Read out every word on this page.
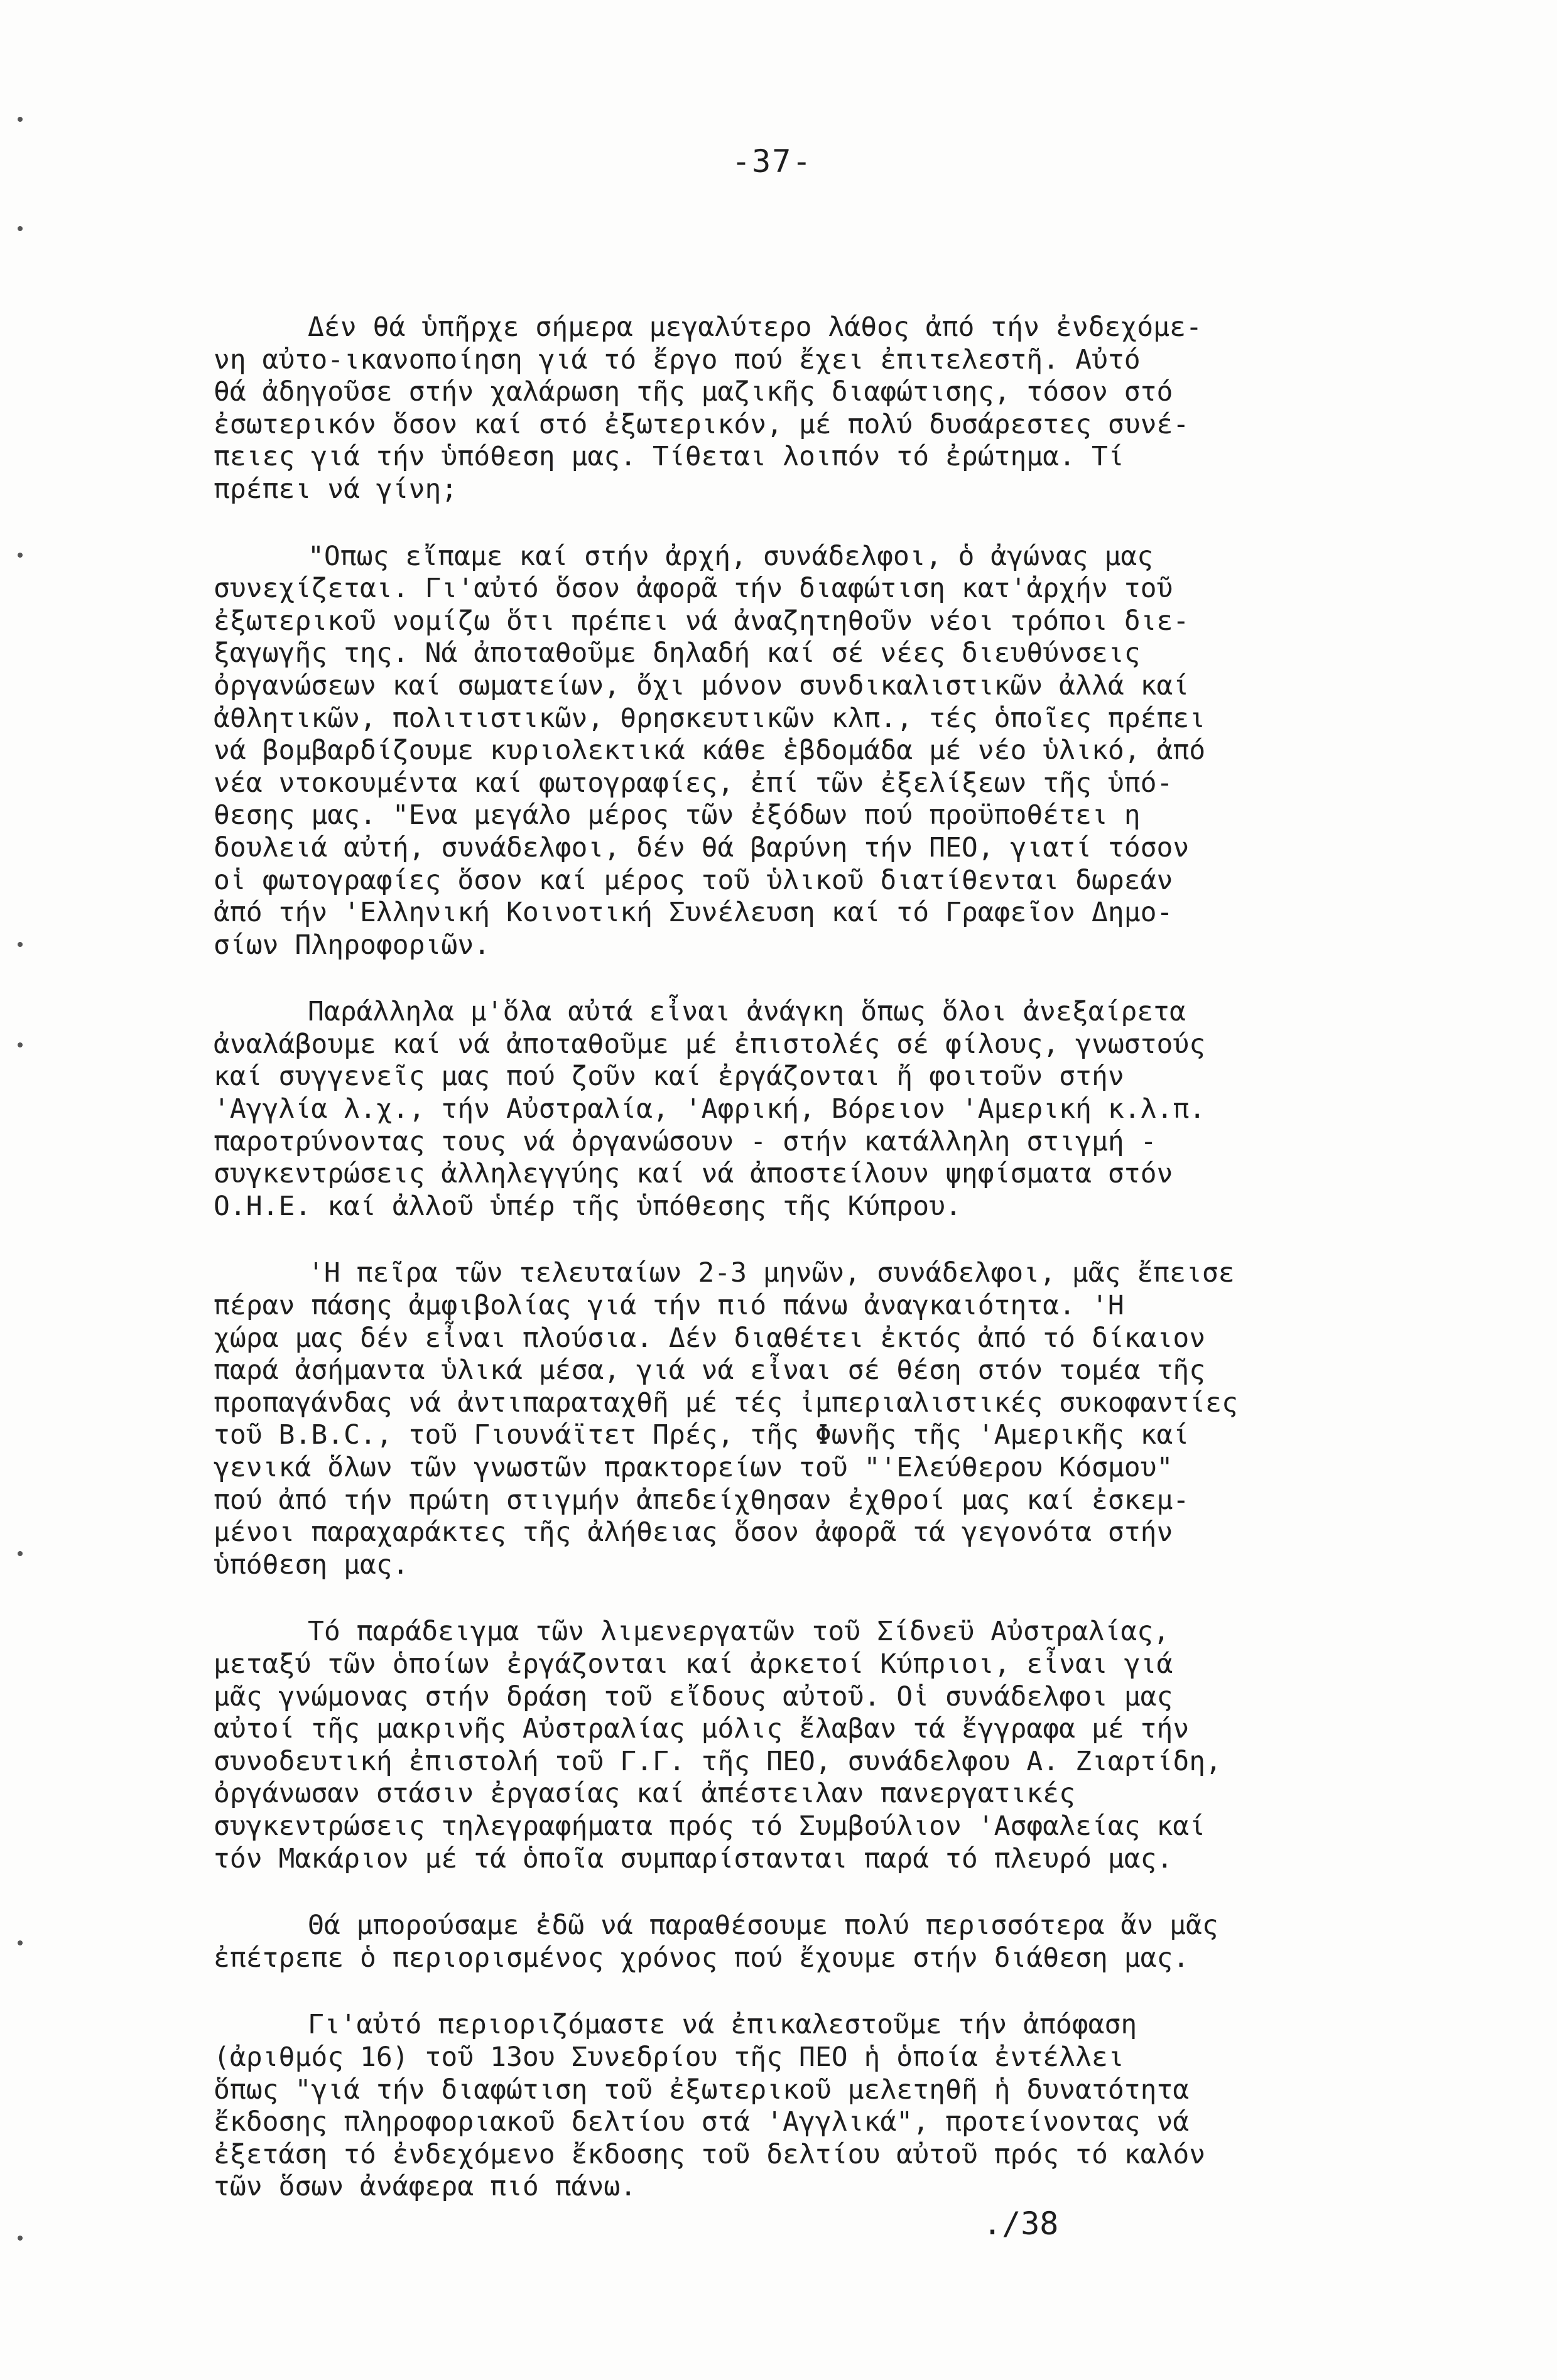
-37-

Δέν θά ὑπῆρχε σήμερα μεγαλύτερο λάθος ἀπό τήν ἐνδεχόμε-
νη αὐτο-ικανοποίηση γιά τό ἔργο πού ἔχει ἐπιτελεστῆ. Αὐτό
θά ἀδηγοῦσε στήν χαλάρωση τῆς μαζικῆς διαφώτισης, τόσον στό
ἐσωτερικόν ὅσον καί στό ἐξωτερικόν, μέ πολύ δυσάρεστες συνέ-
πειες γιά τήν ὑπόθεση μας. Τίθεται λοιπόν τό ἐρώτημα. Τί
πρέπει νά γίνη;

"Οπως εἴπαμε καί στήν ἀρχή, συνάδελφοι, ὁ ἀγώνας μας
συνεχίζεται. Γι'αὐτό ὅσον ἀφορᾶ τήν διαφώτιση κατ'ἀρχήν τοῦ
ἐξωτερικοῦ νομίζω ὅτι πρέπει νά ἀναζητηθοῦν νέοι τρόποι διε-
ξαγωγῆς της. Νά ἀποταθοῦμε δηλαδή καί σέ νέες διευθύνσεις
ὀργανώσεων καί σωματείων, ὄχι μόνον συνδικαλιστικῶν ἀλλά καί
ἀθλητικῶν, πολιτιστικῶν, θρησκευτικῶν κλπ., τές ὁποῖες πρέπει
νά βομβαρδίζουμε κυριολεκτικά κάθε ἑβδομάδα μέ νέο ὑλικό, ἀπό
νέα ντοκουμέντα καί φωτογραφίες, ἐπί τῶν ἐξελίξεων τῆς ὑπό-
θεσης μας. "Ενα μεγάλο μέρος τῶν ἐξόδων πού προϋποθέτει η
δουλειά αὐτή, συνάδελφοι, δέν θά βαρύνη τήν ΠΕΟ, γιατί τόσον
οἱ φωτογραφίες ὅσον καί μέρος τοῦ ὑλικοῦ διατίθενται δωρεάν
ἀπό τήν 'Ελληνική Κοινοτική Συνέλευση καί τό Γραφεῖον Δημο-
σίων Πληροφοριῶν.

Παράλληλα μ'ὅλα αὐτά εἶναι ἀνάγκη ὅπως ὅλοι ἀνεξαίρετα
ἀναλάβουμε καί νά ἀποταθοῦμε μέ ἐπιστολές σέ φίλους, γνωστούς
καί συγγενεῖς μας πού ζοῦν καί ἐργάζονται ἤ φοιτοῦν στήν
'Αγγλία λ.χ., τήν Αὐστραλία, 'Αφρική, Βόρειον 'Αμερική κ.λ.π.
παροτρύνοντας τους νά ὀργανώσουν - στήν κατάλληλη στιγμή -
συγκεντρώσεις ἀλληλεγγύης καί νά ἀποστείλουν ψηφίσματα στόν
Ο.Η.Ε. καί ἀλλοῦ ὑπέρ τῆς ὑπόθεσης τῆς Κύπρου.

'Η πεῖρα τῶν τελευταίων 2-3 μηνῶν, συνάδελφοι, μᾶς ἔπεισε
πέραν πάσης ἀμφιβολίας γιά τήν πιό πάνω ἀναγκαιότητα. 'Η
χώρα μας δέν εἶναι πλούσια. Δέν διαθέτει ἐκτός ἀπό τό δίκαιον
παρά ἀσήμαντα ὑλικά μέσα, γιά νά εἶναι σέ θέση στόν τομέα τῆς
προπαγάνδας νά ἀντιπαραταχθῆ μέ τές ἰμπεριαλιστικές συκοφαντίες
τοῦ Β.Β.C., τοῦ Γιουνάϊτετ Πρές, τῆς Φωνῆς τῆς 'Αμερικῆς καί
γενικά ὅλων τῶν γνωστῶν πρακτορείων τοῦ "'Ελεύθερου Κόσμου"
πού ἀπό τήν πρώτη στιγμήν ἀπεδείχθησαν ἐχθροί μας καί ἐσκεμ-
μένοι παραχαράκτες τῆς ἀλήθειας ὅσον ἀφορᾶ τά γεγονότα στήν
ὑπόθεση μας.

Τό παράδειγμα τῶν λιμενεργατῶν τοῦ Σίδνεϋ Αὐστραλίας,
μεταξύ τῶν ὁποίων ἐργάζονται καί ἀρκετοί Κύπριοι, εἶναι γιά
μᾶς γνώμονας στήν δράση τοῦ εἴδους αὐτοῦ. Οἱ συνάδελφοι μας
αὐτοί τῆς μακρινῆς Αὐστραλίας μόλις ἔλαβαν τά ἔγγραφα μέ τήν
συνοδευτική ἐπιστολή τοῦ Γ.Γ. τῆς ΠΕΟ, συνάδελφου Α. Ζιαρτίδη,
ὀργάνωσαν στάσιν ἐργασίας καί ἀπέστειλαν πανεργατικές
συγκεντρώσεις τηλεγραφήματα πρός τό Συμβούλιον 'Ασφαλείας καί
τόν Μακάριον μέ τά ὁποῖα συμπαρίστανται παρά τό πλευρό μας.

Θά μπορούσαμε ἐδῶ νά παραθέσουμε πολύ περισσότερα ἄν μᾶς
ἐπέτρεπε ὁ περιορισμένος χρόνος πού ἔχουμε στήν διάθεση μας.

Γι'αὐτό περιοριζόμαστε νά ἐπικαλεστοῦμε τήν ἀπόφαση
(ἀριθμός 16) τοῦ 13ου Συνεδρίου τῆς ΠΕΟ ἡ ὁποία ἐντέλλει
ὅπως "γιά τήν διαφώτιση τοῦ ἐξωτερικοῦ μελετηθῆ ἡ δυνατότητα
ἔκδοσης πληροφοριακοῦ δελτίου στά 'Αγγλικά", προτείνοντας νά
ἐξετάση τό ἐνδεχόμενο ἔκδοσης τοῦ δελτίου αὐτοῦ πρός τό καλόν
τῶν ὅσων ἀνάφερα πιό πάνω.

./38
